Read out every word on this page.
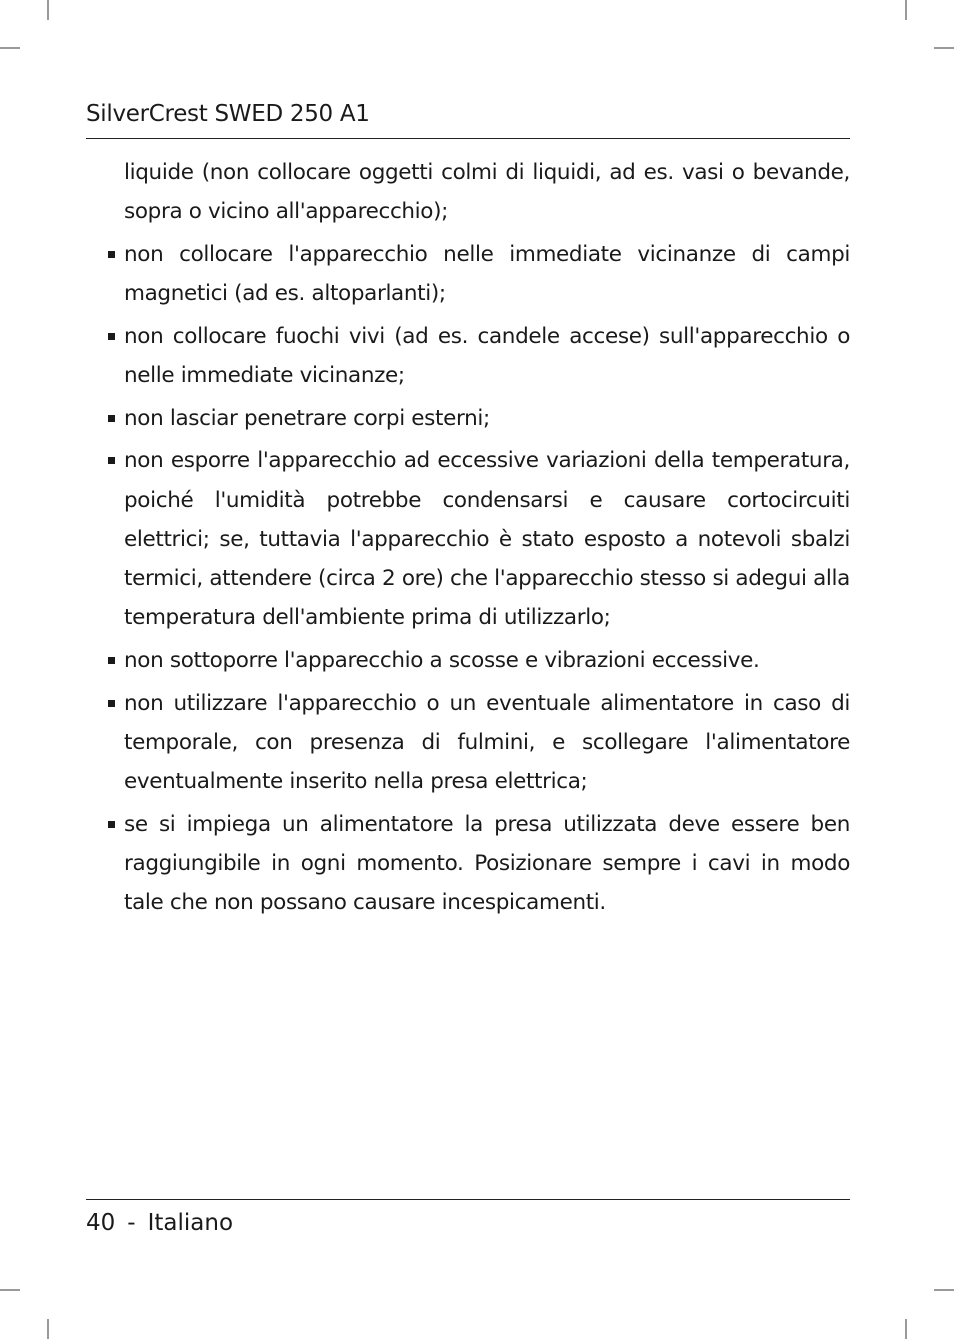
SilverCrest SWED 250 A1

liquide (non collocare oggetti colmi di liquidi, ad es. vasi o bevande, sopra o vicino all'apparecchio);

non collocare l'apparecchio nelle immediate vicinanze di campi magnetici (ad es. altoparlanti);
non collocare fuochi vivi (ad es. candele accese) sull'apparecchio o nelle immediate vicinanze;
non lasciar penetrare corpi esterni;
non esporre l'apparecchio ad eccessive variazioni della temperatura, poiché l'umidità potrebbe condensarsi e causare cortocircuiti elettrici; se, tuttavia l'apparecchio è stato esposto a notevoli sbalzi termici, attendere (circa 2 ore) che l'apparecchio stesso si adegui alla temperatura dell'ambiente prima di utilizzarlo;
non sottoporre l'apparecchio a scosse e vibrazioni eccessive.
non utilizzare l'apparecchio o un eventuale alimentatore in caso di temporale, con presenza di fulmini, e scollegare l'alimentatore eventualmente inserito nella presa elettrica;
se si impiega un alimentatore la presa utilizzata deve essere ben raggiungibile in ogni momento. Posizionare sempre i cavi in modo tale che non possano causare incespicamenti.
40 - Italiano
